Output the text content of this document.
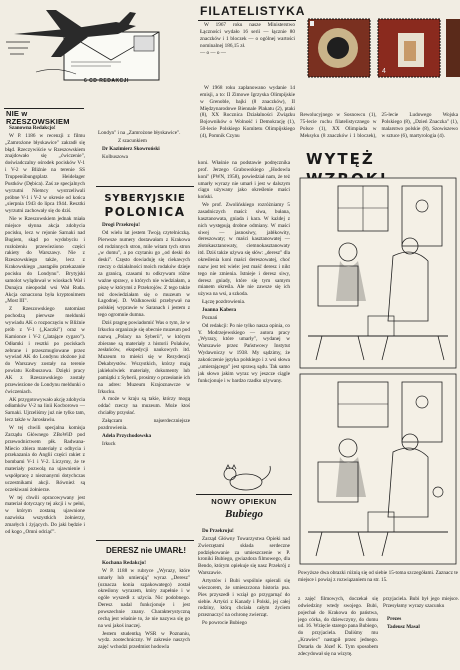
6 CD REDAKCJI
FILATELISTYKA

W 1967 roku nasze Ministerstwo Łączności wydało 16 serii — łącznie 80 znaczków i 1 bloczek — o ogólnej wartości nominalnej 186,15 zł.

— o — o —

W 1968 roku zaplanowano wydanie 14 emisji, a to: II Zimowe Igrzyska Olimpijskie w Grenoble, bajki (8 znaczków), II Międzynarodowe Biennale Plakatu (2), ptaki (8), XX Rocznica Działalności Związku Bojowników o Wolność i Demokrację (1), 50-lecie Polskiego Komitetu Olimpijskiego (4), Pomnik Czynu

4

Rewolucyjnego w Sosnowcu (1), 75-lecie ruchu filatelistycznego w Polsce (1), XX Olimpiada w Meksyku (8 znaczków i 1 bloczek), 25-lecie Ludowego Wojska Polskiego (8), „Dzień Znaczka" (1), malarstwo polskie (8), Szowiszewo w sztuce (6), martyrologia (4).

NIE w RZESZOWSKIEM

Szanowna Redakcjo!

W P. 1186 w recenzji z filmu „Zamrożone błyskawice" zakradł się błąd. Rzeczywiście w Rzeszowskiem znajdowało się „ćwiczenie", doświadczalny ośrodek pocisków V-1 i V-2 w Bliźnie na terenie SS Truppenübungsplatz Heidelager Pustków (Dębica). Zaś ze specjalnych wyrzutni Niemcy wystrzeliwali próbne V-1 i V-2 w okresie od końca „sierpnia 1943 do lipca 1944. Resztki wyrzutni zachowały się do dziś.

Nie w Rzeszowskiem jednak miała miejsce słynna akcja zdobycia pocisku, lecz w rejonie Sarnaki nad Bugiem, skąd po wydobyciu i rozłożeniu przewieziono części rakiety do Warszawy. Nie z Rzeszowskiego także, lecz z Krakowskiego „nastąpiło przekazanie pocisku do Londynu". Brytyjski samolot wylądował w wioskach Wał i Dunajca nieopodal wsi Wał Ruda. Akcja oznaczona była kryptonimem „Most III".

Z Rzeszowskiego natomiast pochodzą pierwsze meldunki wywiadu AK o rozpoczęciu w Bliźnie prób z V-1 („Kaczki") oraz w Kamionce i V-2 („latające cygaro"). Odłamki i resztki po pociskach zebrane i przeszmuglowane przez wywiad AK do Londynu złożone już do Warszawy zostały na terenie powiatu Kolbuszowa. Dzięki pracy AK z Rzeszowskiego zostały przewiezione do Londynu meldunki o ćwiczeniach.

AK przygotowywało akcję zdobycia odłamków V-2 na linii Kocborowo — Sarnaki. Ujrzeliśmy już nie tylko tam, lecz także w Jarosławiu.

W tej chwili specjalna komisja Zarządu Głównego ZBoWiD pod przewodnictwem płk. Radwana-Miecio zbiera materiały z odbycia i przekazania do Anglii części rakiet z bombami V-1 i V-2. Liczymy, że te materiały pozwolą na ujawnienie i współpracę z nieznanymi dotychczas uczestnikami akcji. Również są oczekiwani żołnierze.

W tej chwili opracowywany jest materiał dotyczący tej akcji i w pełni, w którym zostaną ujawnione nazwiska wszystkich żołnierzy, zmarłych i żyjących. Do jaki będzie i od kogo „Omni odciąć”.

Londyn" i na „Zamrożone błyskawice".

Z szacunkiem

Dr Kazimierz Skowroński

Kolbuszowa

SYBERYJSKIE
POLONICA

Drogi Przekroju!

Od wielu lat jestem Twoją czytelniczką. Pierwsze numery dostawałam z Krakowa od rodzinnych stron, mile witam tych stron „w domu", a po czytaniu go „od deski do deski". Często dowiaduję się ciekawych rzeczy o działalności moich rodaków dzieje za granicą, czasami tu odkrywam różne ważne sprawy, o których nie wiedziałam, a piszę w którymś z Przekrojów. Z tego także też dowiedziałam się o muzeum w Łagodnej. D. Walknowski przebywał na polskiej wyprawie w Saranach i jestem z tego ogromnie dumna.

Dziś pragnę powiadomić Was o tym, że w Irkucku organizuje się obecnie muzeum pod nazwą „Polacy na Syberii", w którym zbierane są materiały z historii Polaków, zesłańców, ekspedycji naukowych itd. Muzeum to mieści się w Rezydencji Dekabrystów. Wszystkich, którzy mają jakiekolwiek materiały, dokumenty lub pamiątki z Syberii, prosimy o przesłanie ich na adres: Muzeum Krajoznawcze w Irkucku.

A może w kraju są takie, którzy mogą oddać rzeczy na muzeum. Może ktoś chciałby przysłać.

Załączam najserdeczniejsze pozdrowienia.

Adela Przychodowska

Irkuck

DERESZ nie UMARŁ!

Kochana Redakcjo!

W P. 1188 w rubryce „Wyrazy, które umarły lub umierają" wyraz „Deresz" (oznacza konia szpakowatego) został określony wyrazem, który zupełnie i w ogóle wyszedł z użycia. Nic podobnego. Deresz nadal funkcjonuje i jest powszechnie znany. Charakterystyczną cechą jest właśnie to, że nie nazywa się go na wsi jakoś inaczej.

Jestem studentką WSR w Poznaniu, wydz. zootechniczny. W zakresie naszych zajęć wchodzi przedmiot hodowla

koni. Właśnie na podstawie podręcznika prof. Jerzego Grabowskiego „Hodowla koni" (PWN, 1958), powiedział nam, że też umarły wyrazy nie umarł i jest w dalszym ciągu używany jako określenie maści koński.

We prof. Zwolińskiego rozróżniamy 5 zasadniczych maści: siwa, bułana, kasztanowata, gniada i kara. W każdej z nich występują drobne odmiany. W maści siwej — jasnosiwy, jabłkowity, dereszowaty; w maści kasztanowatej — złotokasztanowaty, ciemnokasztanowaty itd. Dziś także używa się słów: „deresz" dla określenia koni maści dereszowatej, choć nazw jest też wiele: jest maść deresz i nikt tego nie zmienia. Istnieje i deresz siwy, deresz gniady, które się tym samym mianem określa. Ale nie zawsze się ich używa na wsi, a szkoda.

Łączę pozdrowienia.

Joanna Kabera

Poznań

Od redakcji: Po nie tylko nasza opinia, co Y. Modrzejewskiego — autora pracy „Wyrazy, które umarły", wydanej w Warszawie przez Państwowy Instytut Wydawniczy w 1938. My sądzimy, że zakończenie języka polskiego i z wsi słowa „umierającego" jest sprawą sądu. Tak samo jak słowo jakim wyraz wy jeszcze ciągle funkcjonuje i w bardzo rzadko używany.

NOWY OPIEKUN
Bubiego

Do Przekroju!

Zarząd Główny Towarzystwa Opieki nad Zwierzętami składa serdeczne podziękowanie za umieszczenie w P. kroniki Bubiego, gwiazdora filmowego, dla Bendo, którym opiekuje się nasz Przekrój z Warszawie.

Artystów i Bubi wspólnie spierali się wieczorem, że umieszczona historia psa. Pies przyszedł i wziął go przygarnąć do siebie. Artyści z Kanady i Polski, jej całej rodziny, którą chciała całym życiem przeznaczyć na ochronę zwierząt.

Po powrocie Bubiego

WYTĘŻ

Powyższe dwa obrazki różnią się od siebie 15-toma szczegółami. Zaznacz te miejsce i powiaj z rozwiązaniem na str. 15.

z zajęć filmowych, doczekał się odwiedziny wtedy swojego. Bubi, pojechał do Krakowa do państwa, jego córka, do dziewczyny, do domu ud. 16. Wzięcie starego pana Bubiego, do przyjaciela. Daliśmy mu „Krawiec" nastąpił przez jednego. Dotarła do Józef K. Tym sposobem zdecydował się na wizytę.

przyjaciela. Bubi był jego miejsce. Przesyłamy wyrazy szacunku

Prezes

Tadeusz Masal
